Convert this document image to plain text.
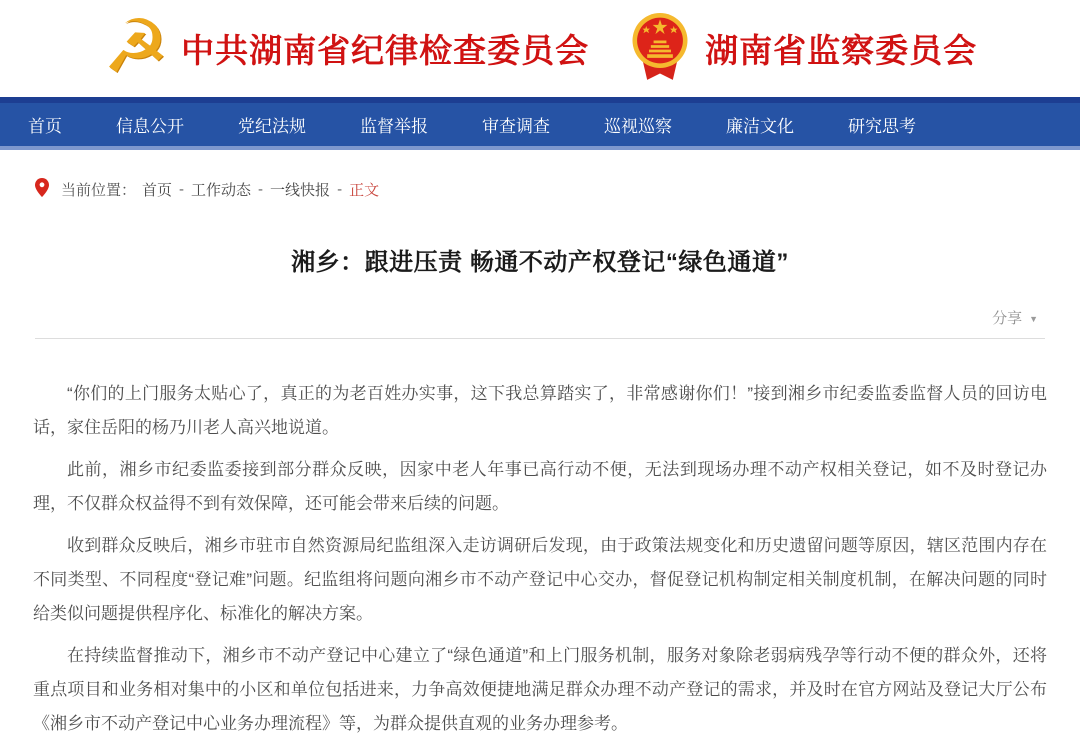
☭ 中共湖南省纪律检查委员会	湖南省监察委员会
首页	信息公开	党纪法规	监督举报	审查调查	巡视巡察	廉洁文化	研究思考
当前位置： 首页 - 工作动态 - 一线快报 - 正文
湘乡：跟进压责 畅通不动产权登记“绿色通道”
分享 ▼

“你们的上门服务太贴心了，真正的为老百姓办实事，这下我总算踏实了，非常感谢你们！”接到湘乡市纪委监委监督人员的回访电话，家住岳阳的杨乃川老人高兴地说道。

此前，湘乡市纪委监委接到部分群众反映，因家中老人年事已高行动不便，无法到现场办理不动产权相关登记，如不及时登记办理，不仅群众权益得不到有效保障，还可能会带来后续的问题。

收到群众反映后，湘乡市驻市自然资源局纪监组深入走访调研后发现，由于政策法规变化和历史遗留问题等原因，辖区范围内存在不同类型、不同程度“登记难”问题。纪监组将问题向湘乡市不动产登记中心交办，督促登记机构制定相关制度机制，在解决问题的同时给类似问题提供程序化、标准化的解决方案。

在持续监督推动下，湘乡市不动产登记中心建立了“绿色通道”和上门服务机制，服务对象除老弱病残孕等行动不便的群众外，还将重点项目和业务相对集中的小区和单位包括进来，力争高效便捷地满足群众办理不动产登记的需求，并及时在官方网站及登记大厅公布《湘乡市不动产登记中心业务办理流程》等，为群众提供直观的业务办理参考。
